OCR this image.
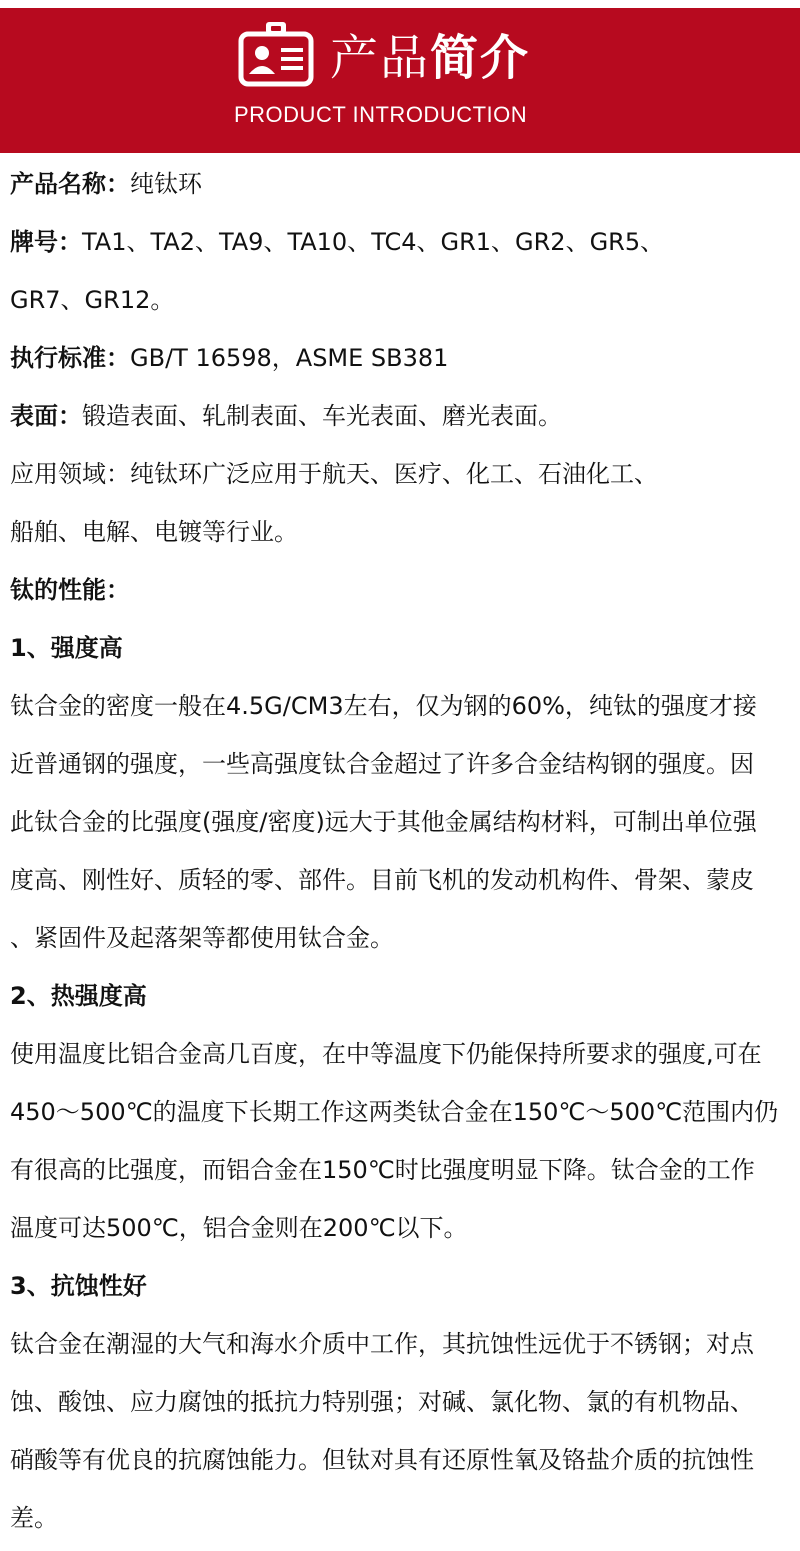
产品简介
PRODUCT INTRODUCTION

产品名称：纯钛环

牌号：TA1、TA2、TA9、TA10、TC4、GR1、GR2、GR5、

GR7、GR12。

执行标准：GB/T 16598，ASME SB381

表面：锻造表面、轧制表面、车光表面、磨光表面。

应用领域：纯钛环广泛应用于航天、医疗、化工、石油化工、

船舶、电解、电镀等行业。

钛的性能：

1、强度高

钛合金的密度一般在4.5G/CM3左右，仅为钢的60%，纯钛的强度才接

近普通钢的强度，一些高强度钛合金超过了许多合金结构钢的强度。因

此钛合金的比强度(强度/密度)远大于其他金属结构材料，可制出单位强

度高、刚性好、质轻的零、部件。目前飞机的发动机构件、骨架、蒙皮

、紧固件及起落架等都使用钛合金。

2、热强度高

使用温度比铝合金高几百度，在中等温度下仍能保持所要求的强度,可在

450～500℃的温度下长期工作这两类钛合金在150℃～500℃范围内仍

有很高的比强度，而铝合金在150℃时比强度明显下降。钛合金的工作

温度可达500℃，铝合金则在200℃以下。

3、抗蚀性好

钛合金在潮湿的大气和海水介质中工作，其抗蚀性远优于不锈钢；对点

蚀、酸蚀、应力腐蚀的抵抗力特别强；对碱、氯化物、氯的有机物品、

硝酸等有优良的抗腐蚀能力。但钛对具有还原性氧及铬盐介质的抗蚀性

差。
